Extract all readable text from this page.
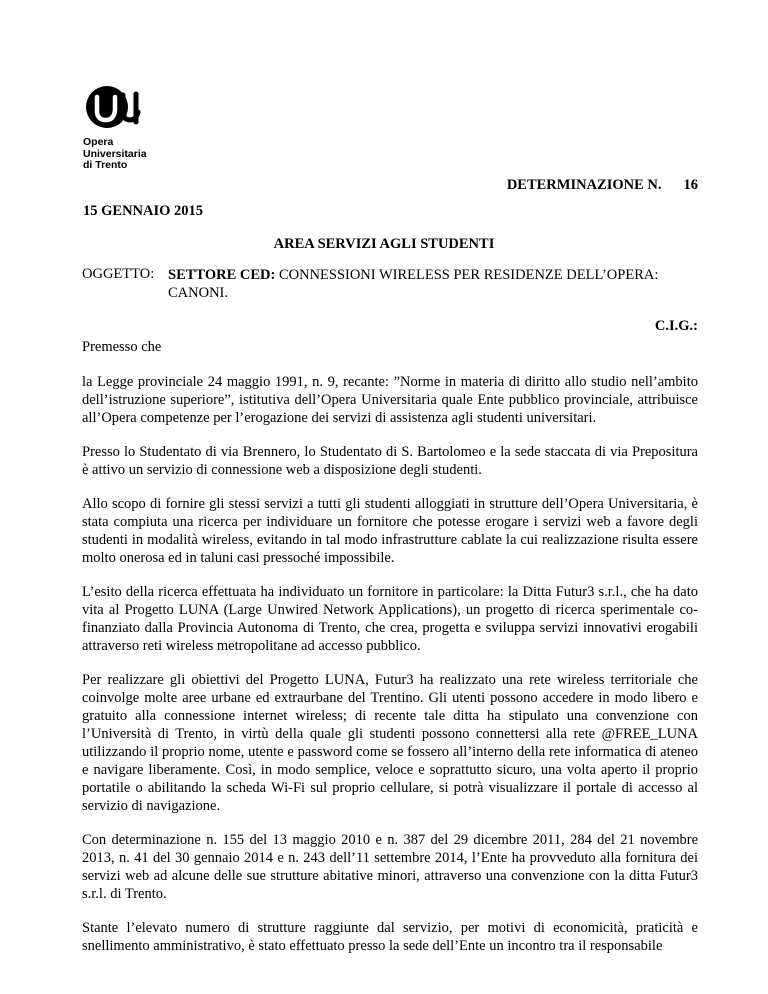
Opera
Universitaria
di Trento
DETERMINAZIONE N. 16
15 GENNAIO 2015
AREA SERVIZI AGLI STUDENTI
OGGETTO: SETTORE CED: CONNESSIONI WIRELESS PER RESIDENZE DELL’OPERA: CANONI.
C.I.G.:
Premesso che

la Legge provinciale 24 maggio 1991, n. 9, recante: ”Norme in materia di diritto allo studio nell’ambito dell’istruzione superiore”, istitutiva dell’Opera Universitaria quale Ente pubblico provinciale, attribuisce all’Opera competenze per l’erogazione dei servizi di assistenza agli studenti universitari.

Presso lo Studentato di via Brennero, lo Studentato di S. Bartolomeo e la sede staccata di via Prepositura è attivo un servizio di connessione web a disposizione degli studenti.

Allo scopo di fornire gli stessi servizi a tutti gli studenti alloggiati in strutture dell’Opera Universitaria, è stata compiuta una ricerca per individuare un fornitore che potesse erogare i servizi web a favore degli studenti in modalità wireless, evitando in tal modo infrastrutture cablate la cui realizzazione risulta essere molto onerosa ed in taluni casi pressoché impossibile.

L’esito della ricerca effettuata ha individuato un fornitore in particolare: la Ditta Futur3 s.r.l., che ha dato vita al Progetto LUNA (Large Unwired Network Applications), un progetto di ricerca sperimentale co-finanziato dalla Provincia Autonoma di Trento, che crea, progetta e sviluppa servizi innovativi erogabili attraverso reti wireless metropolitane ad accesso pubblico.

Per realizzare gli obiettivi del Progetto LUNA, Futur3 ha realizzato una rete wireless territoriale che coinvolge molte aree urbane ed extraurbane del Trentino. Gli utenti possono accedere in modo libero e gratuito alla connessione internet wireless; di recente tale ditta ha stipulato una convenzione con l’Università di Trento, in virtù della quale gli studenti possono connettersi alla rete @FREE_LUNA utilizzando il proprio nome, utente e password come se fossero all’interno della rete informatica di ateneo e navigare liberamente. Così, in modo semplice, veloce e soprattutto sicuro, una volta aperto il proprio portatile o abilitando la scheda Wi-Fi sul proprio cellulare, si potrà visualizzare il portale di accesso al servizio di navigazione.

Con determinazione n. 155 del 13 maggio 2010 e n. 387 del 29 dicembre 2011, 284 del 21 novembre 2013, n. 41 del 30 gennaio 2014 e n. 243 dell’11 settembre 2014, l’Ente ha provveduto alla fornitura dei servizi web ad alcune delle sue strutture abitative minori, attraverso una convenzione con la ditta Futur3 s.r.l. di Trento.

Stante l’elevato numero di strutture raggiunte dal servizio, per motivi di economicità, praticità e snellimento amministrativo, è stato effettuato presso la sede dell’Ente un incontro tra il responsabile
